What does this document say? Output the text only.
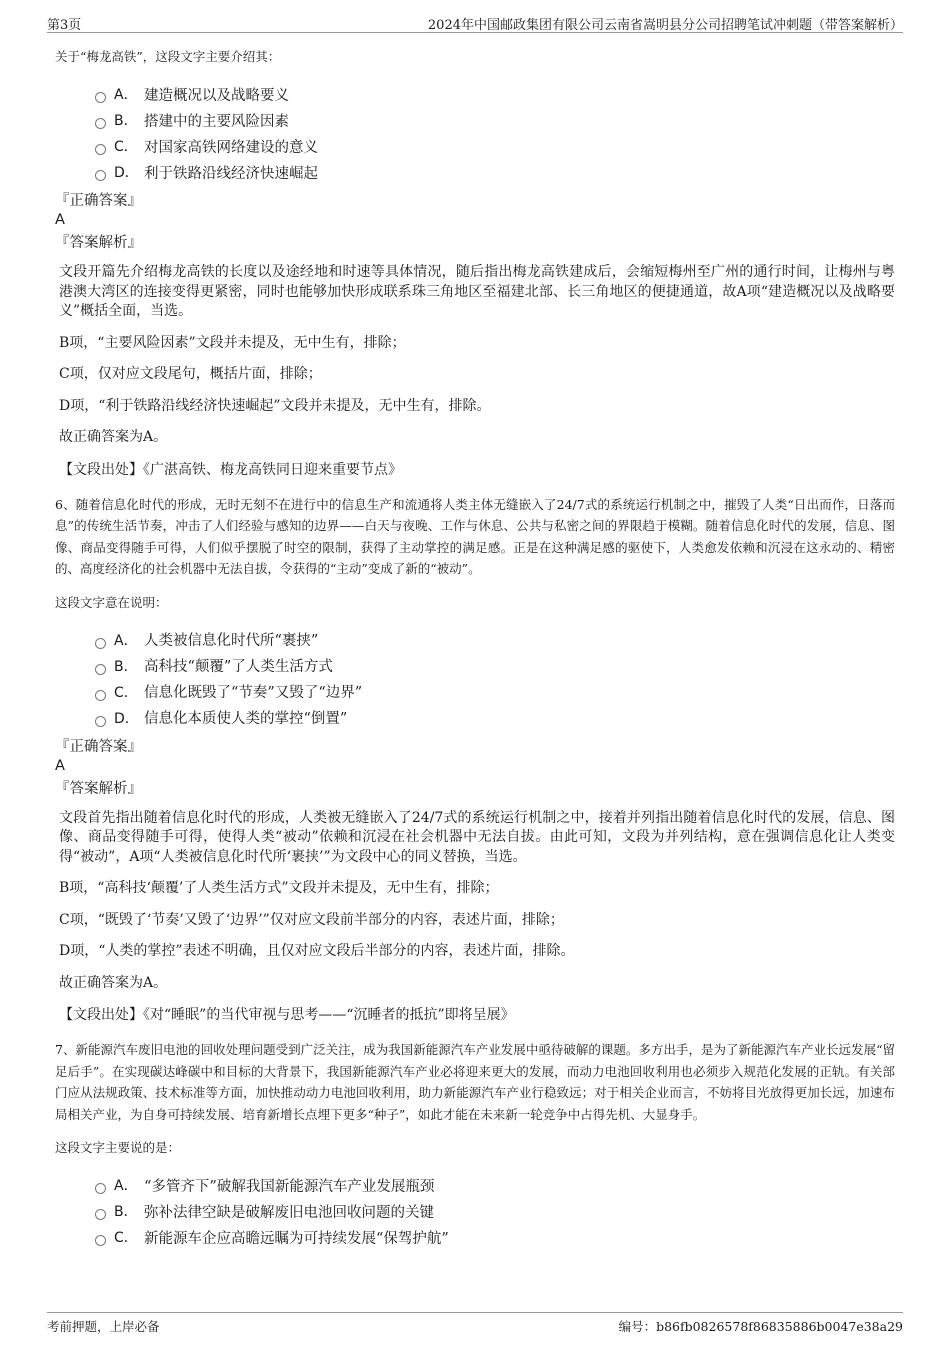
第3页	2024年中国邮政集团有限公司云南省嵩明县分公司招聘笔试冲刺题（带答案解析）

关于“梅龙高铁”，这段文字主要介绍其：

A． 建造概况以及战略要义
B． 搭建中的主要风险因素
C． 对国家高铁网络建设的意义
D． 利于铁路沿线经济快速崛起
『正确答案』
A
『答案解析』

文段开篇先介绍梅龙高铁的长度以及途经地和时速等具体情况，随后指出梅龙高铁建成后，会缩短梅州至广州的通行时间，让梅州与粤港澳大湾区的连接变得更紧密，同时也能够加快形成联系珠三角地区至福建北部、长三角地区的便捷通道，故A项“建造概况以及战略要义”概括全面，当选。

B项，“主要风险因素”文段并未提及，无中生有，排除；

C项，仅对应文段尾句，概括片面，排除；

D项，“利于铁路沿线经济快速崛起”文段并未提及，无中生有，排除。

故正确答案为A。

【文段出处】《广湛高铁、梅龙高铁同日迎来重要节点》

6、随着信息化时代的形成，无时无刻不在进行中的信息生产和流通将人类主体无缝嵌入了24/7式的系统运行机制之中，摧毁了人类“日出而作，日落而息”的传统生活节奏，冲击了人们经验与感知的边界——白天与夜晚、工作与休息、公共与私密之间的界限趋于模糊。随着信息化时代的发展，信息、图像、商品变得随手可得，人们似乎摆脱了时空的限制，获得了主动掌控的满足感。正是在这种满足感的驱使下，人类愈发依赖和沉浸在这永动的、精密的、高度经济化的社会机器中无法自拔，令获得的“主动”变成了新的“被动”。

这段文字意在说明：

A． 人类被信息化时代所“裹挟”
B． 高科技“颠覆”了人类生活方式
C． 信息化既毁了“节奏”又毁了“边界”
D． 信息化本质使人类的掌控“倒置”
『正确答案』
A
『答案解析』

文段首先指出随着信息化时代的形成，人类被无缝嵌入了24/7式的系统运行机制之中，接着并列指出随着信息化时代的发展，信息、图像、商品变得随手可得，使得人类“被动”依赖和沉浸在社会机器中无法自拔。由此可知，文段为并列结构，意在强调信息化让人类变得“被动”，A项“人类被信息化时代所‘裹挟’”为文段中心的同义替换，当选。

B项，“高科技‘颠覆’了人类生活方式”文段并未提及，无中生有，排除；

C项，“既毁了‘节奏’又毁了‘边界’”仅对应文段前半部分的内容，表述片面，排除；

D项，“人类的掌控”表述不明确，且仅对应文段后半部分的内容，表述片面，排除。

故正确答案为A。

【文段出处】《对“睡眠”的当代审视与思考——“沉睡者的抵抗”即将呈展》

7、新能源汽车废旧电池的回收处理问题受到广泛关注，成为我国新能源汽车产业发展中亟待破解的课题。多方出手，是为了新能源汽车产业长远发展“留足后手”。在实现碳达峰碳中和目标的大背景下，我国新能源汽车产业必将迎来更大的发展，而动力电池回收利用也必须步入规范化发展的正轨。有关部门应从法规政策、技术标准等方面，加快推动动力电池回收利用，助力新能源汽车产业行稳致远；对于相关企业而言，不妨将目光放得更加长远，加速布局相关产业，为自身可持续发展、培育新增长点埋下更多“种子”，如此才能在未来新一轮竞争中占得先机、大显身手。

这段文字主要说的是：

A． “多管齐下”破解我国新能源汽车产业发展瓶颈
B． 弥补法律空缺是破解废旧电池回收问题的关键
C． 新能源车企应高瞻远瞩为可持续发展“保驾护航”
考前押题，上岸必备	编号：b86fb0826578f86835886b0047e38a29
